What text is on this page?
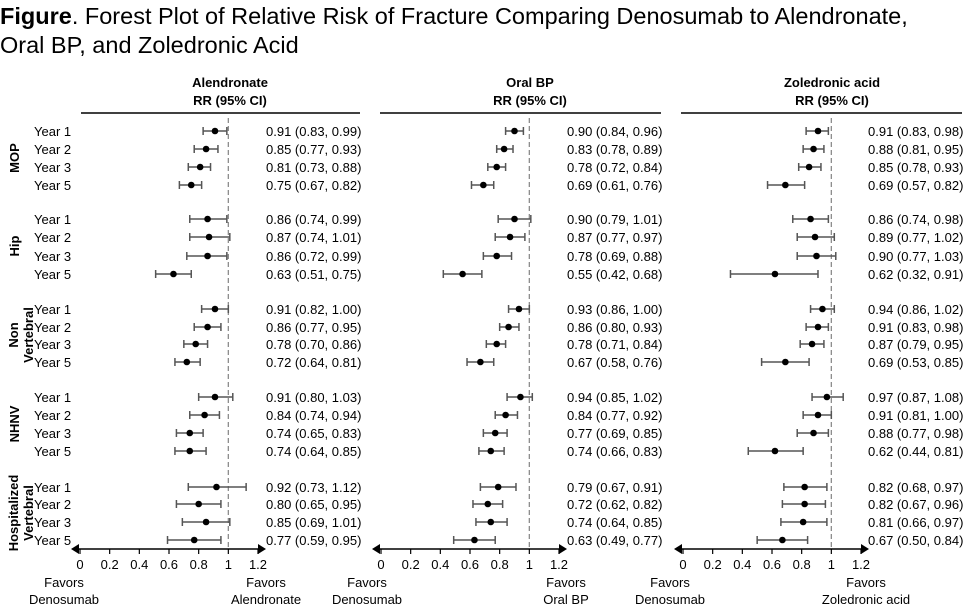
Figure. Forest Plot of Relative Risk of Fracture Comparing Denosumab to Alendronate,
Oral BP, and Zoledronic Acid
Year 1
Year 2
Year 3
Year 5
MOP
Year 1
Year 2
Year 3
Year 5
Hip
Year 1
Year 2
Year 3
Year 5
NonVertebral
Year 1
Year 2
Year 3
Year 5
NHNV
Year 1
Year 2
Year 3
Year 5
HospitalizedVertebral
Alendronate
RR (95% CI)
0.91 (0.83, 0.99)
0.85 (0.77, 0.93)
0.81 (0.73, 0.88)
0.75 (0.67, 0.82)
0.86 (0.74, 0.99)
0.87 (0.74, 1.01)
0.86 (0.72, 0.99)
0.63 (0.51, 0.75)
0.91 (0.82, 1.00)
0.86 (0.77, 0.95)
0.78 (0.70, 0.86)
0.72 (0.64, 0.81)
0.91 (0.80, 1.03)
0.84 (0.74, 0.94)
0.74 (0.65, 0.83)
0.74 (0.64, 0.85)
0.92 (0.73, 1.12)
0.80 (0.65, 0.95)
0.85 (0.69, 1.01)
0.77 (0.59, 0.95)
0 0.2 0.4 0.6 0.8 1 1.2
Favors
Denosumab
Favors
Alendronate
Oral BP
RR (95% CI)
0.90 (0.84, 0.96)
0.83 (0.78, 0.89)
0.78 (0.72, 0.84)
0.69 (0.61, 0.76)
0.90 (0.79, 1.01)
0.87 (0.77, 0.97)
0.78 (0.69, 0.88)
0.55 (0.42, 0.68)
0.93 (0.86, 1.00)
0.86 (0.80, 0.93)
0.78 (0.71, 0.84)
0.67 (0.58, 0.76)
0.94 (0.85, 1.02)
0.84 (0.77, 0.92)
0.77 (0.69, 0.85)
0.74 (0.66, 0.83)
0.79 (0.67, 0.91)
0.72 (0.62, 0.82)
0.74 (0.64, 0.85)
0.63 (0.49, 0.77)
0 0.2 0.4 0.6 0.8 1 1.2
Favors
Denosumab
Favors
Oral BP
Zoledronic acid
RR (95% CI)
0.91 (0.83, 0.98)
0.88 (0.81, 0.95)
0.85 (0.78, 0.93)
0.69 (0.57, 0.82)
0.86 (0.74, 0.98)
0.89 (0.77, 1.02)
0.90 (0.77, 1.03)
0.62 (0.32, 0.91)
0.94 (0.86, 1.02)
0.91 (0.83, 0.98)
0.87 (0.79, 0.95)
0.69 (0.53, 0.85)
0.97 (0.87, 1.08)
0.91 (0.81, 1.00)
0.88 (0.77, 0.98)
0.62 (0.44, 0.81)
0.82 (0.68, 0.97)
0.82 (0.67, 0.96)
0.81 (0.66, 0.97)
0.67 (0.50, 0.84)
0 0.2 0.4 0.6 0.8 1 1.2
Favors
Denosumab
Favors
Zoledronic acid
